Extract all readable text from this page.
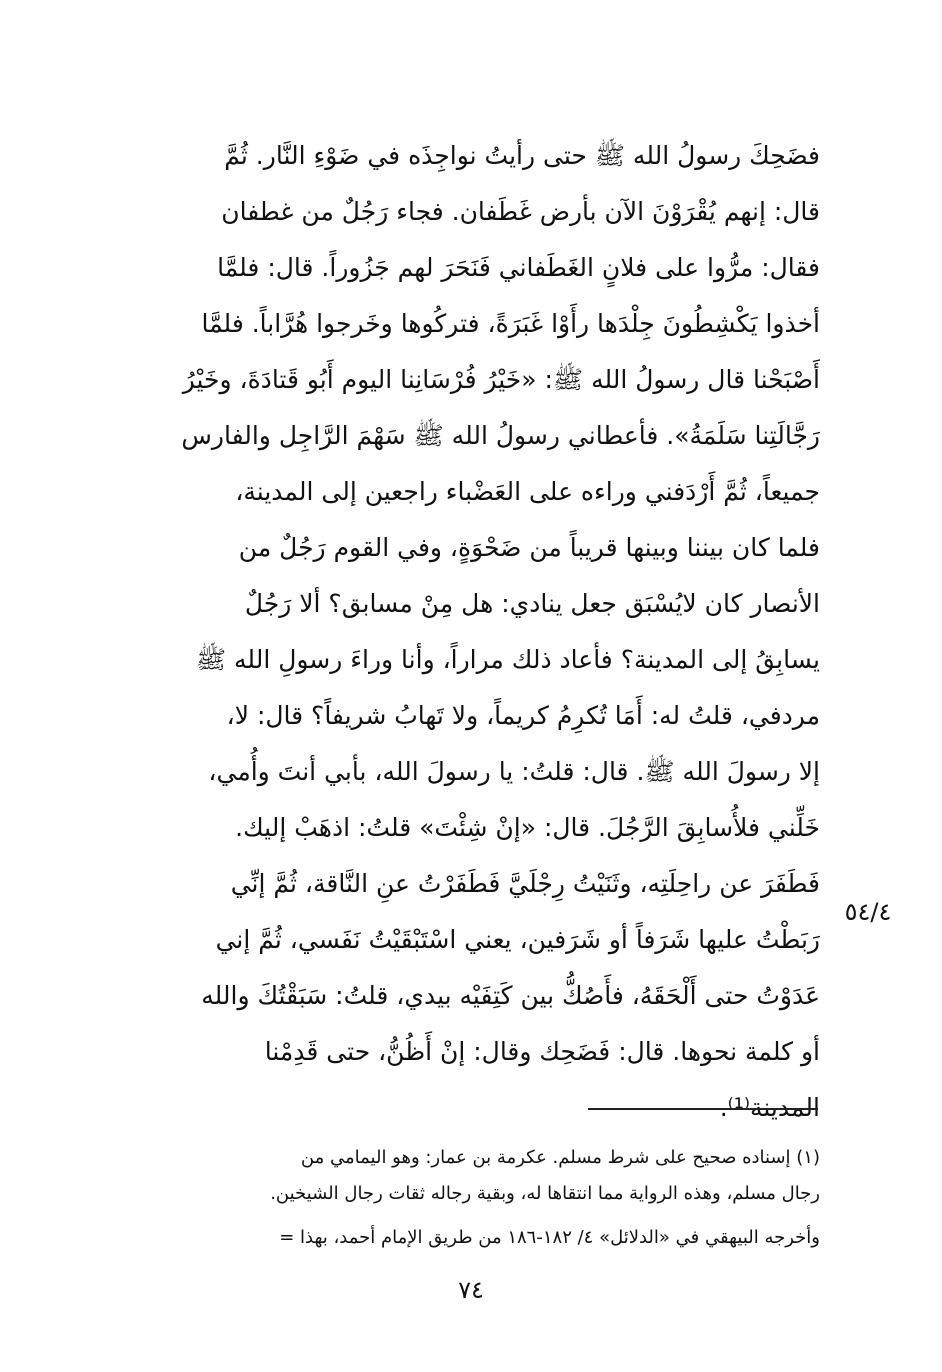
فضَحِكَ رسولُ الله ﷺ حتى رأيتُ نواجِذَه في ضَوْءِ النَّار. ثُمَّ
قال: إنهم يُقْرَوْنَ الآن بأرض غَطَفان. فجاء رَجُلٌ من غطفان
فقال: مرُّوا على فلانٍ الغَطَفاني فَنَحَرَ لهم جَزُوراً. قال: فلمَّا
أخذوا يَكْشِطُونَ جِلْدَها رأَوْا غَبَرَةً، فتركُوها وخَرجوا هُرَّاباً. فلمَّا
أَصْبَحْنا قال رسولُ الله ﷺ: «خَيْرُ فُرْسَانِنا اليوم أَبُو قَتادَةَ، وخَيْرُ
رَجَّالَتِنا سَلَمَةُ». فأعطاني رسولُ الله ﷺ سَهْمَ الرَّاجِل والفارس
جميعاً، ثُمَّ أَرْدَفني وراءه على العَضْباء راجعين إلى المدينة،
فلما كان بيننا وبينها قريباً من ضَحْوَةٍ، وفي القوم رَجُلٌ من
الأنصار كان لايُسْبَق جعل ينادي: هل مِنْ مسابق؟ ألا رَجُلٌ
يسابِقُ إلى المدينة؟ فأعاد ذلك مراراً، وأنا وراءَ رسولِ الله ﷺ
مردفي، قلتُ له: أَمَا تُكرِمُ كريماً، ولا تَهابُ شريفاً؟ قال: لا،
إلا رسولَ الله ﷺ. قال: قلتُ: يا رسولَ الله، بأبي أنتَ وأُمي،
خَلِّني فلأُسابِقَ الرَّجُلَ. قال: «إنْ شِئْتَ» قلتُ: اذهَبْ إليك.
فَطَفَرَ عن راحِلَتِه، وثَنَيْتُ رِجْلَيَّ فَطَفَرْتُ عنِ النَّاقة، ثُمَّ إنِّي
رَبَطْتُ عليها شَرَفاً أو شَرَفين، يعني اسْتَبْقَيْتُ نَفَسي، ثُمَّ إني
عَدَوْتُ حتى أَلْحَقَهُ، فأَصُكُّ بين كَتِفَيْه بيدي، قلتُ: سَبَقْتُكَ والله
أو كلمة نحوها. قال: فَضَحِك وقال: إنْ أَظُنُّ، حتى قَدِمْنا
المدينة⁽¹⁾.
٥٤/٤
(١) إسناده صحيح على شرط مسلم. عكرمة بن عمار: وهو اليمامي من
رجال مسلم، وهذه الرواية مما انتقاها له، وبقية رجاله ثقات رجال الشيخين.
وأخرجه البيهقي في «الدلائل» ٤/ ١٨٢-١٨٦ من طريق الإمام أحمد، بهذا =
٧٤
